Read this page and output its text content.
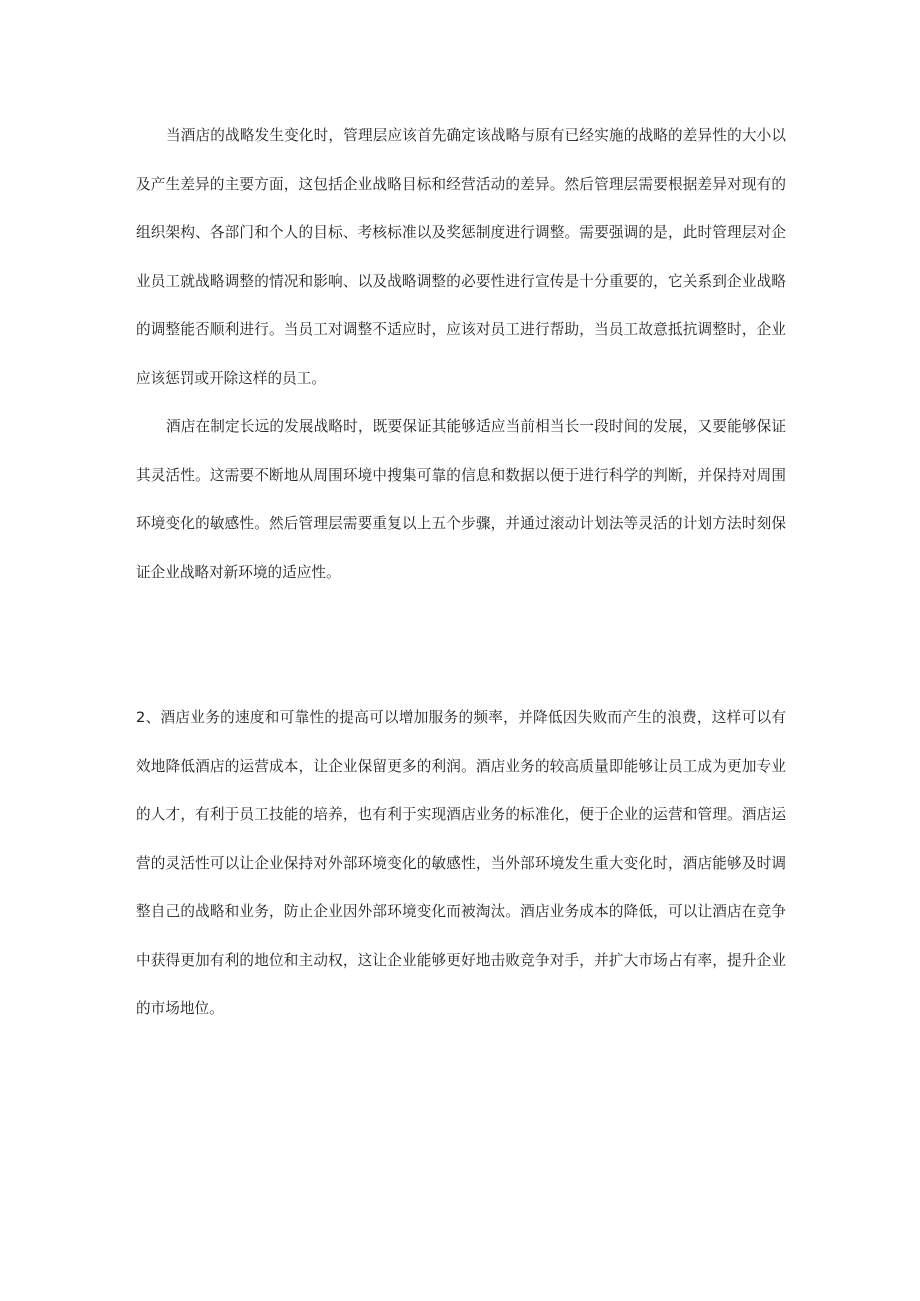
当酒店的战略发生变化时，管理层应该首先确定该战略与原有已经实施的战略的差异性的大小以及产生差异的主要方面，这包括企业战略目标和经营活动的差异。然后管理层需要根据差异对现有的组织架构、各部门和个人的目标、考核标准以及奖惩制度进行调整。需要强调的是，此时管理层对企业员工就战略调整的情况和影响、以及战略调整的必要性进行宣传是十分重要的，它关系到企业战略的调整能否顺利进行。当员工对调整不适应时，应该对员工进行帮助，当员工故意抵抗调整时，企业应该惩罚或开除这样的员工。

酒店在制定长远的发展战略时，既要保证其能够适应当前相当长一段时间的发展，又要能够保证其灵活性。这需要不断地从周围环境中搜集可靠的信息和数据以便于进行科学的判断，并保持对周围环境变化的敏感性。然后管理层需要重复以上五个步骤，并通过滚动计划法等灵活的计划方法时刻保证企业战略对新环境的适应性。

2、酒店业务的速度和可靠性的提高可以增加服务的频率，并降低因失败而产生的浪费，这样可以有效地降低酒店的运营成本，让企业保留更多的利润。酒店业务的较高质量即能够让员工成为更加专业的人才，有利于员工技能的培养，也有利于实现酒店业务的标准化，便于企业的运营和管理。酒店运营的灵活性可以让企业保持对外部环境变化的敏感性，当外部环境发生重大变化时，酒店能够及时调整自己的战略和业务，防止企业因外部环境变化而被淘汰。酒店业务成本的降低，可以让酒店在竞争中获得更加有利的地位和主动权，这让企业能够更好地击败竞争对手，并扩大市场占有率，提升企业的市场地位。
